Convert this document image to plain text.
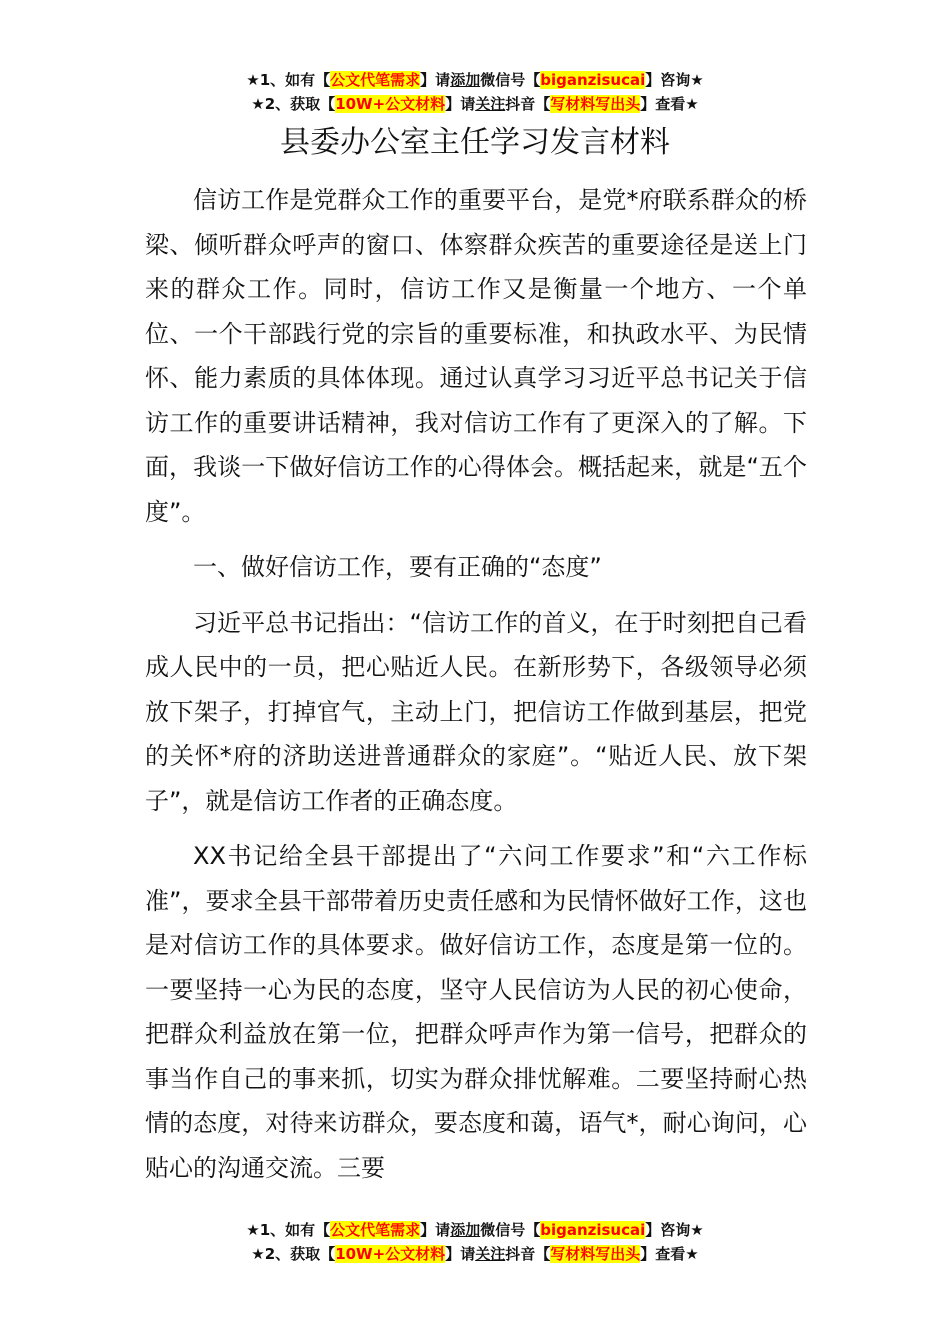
★1、如有【公文代笔需求】请添加微信号【biganzisucai】咨询★
★2、获取【10W+公文材料】请关注抖音【写材料写出头】查看★
县委办公室主任学习发言材料

信访工作是党群众工作的重要平台，是党*府联系群众的桥梁、倾听群众呼声的窗口、体察群众疾苦的重要途径是送上门来的群众工作。同时，信访工作又是衡量一个地方、一个单位、一个干部践行党的宗旨的重要标准，和执政水平、为民情怀、能力素质的具体体现。通过认真学习习近平总书记关于信访工作的重要讲话精神，我对信访工作有了更深入的了解。下面，我谈一下做好信访工作的心得体会。概括起来，就是“五个度”。

一、做好信访工作，要有正确的“态度”

习近平总书记指出：“信访工作的首义，在于时刻把自己看成人民中的一员，把心贴近人民。在新形势下，各级领导必须放下架子，打掉官气，主动上门，把信访工作做到基层，把党的关怀*府的济助送进普通群众的家庭”。“贴近人民、放下架子”，就是信访工作者的正确态度。

XX书记给全县干部提出了“六问工作要求”和“六工作标准”，要求全县干部带着历史责任感和为民情怀做好工作，这也是对信访工作的具体要求。做好信访工作，态度是第一位的。一要坚持一心为民的态度，坚守人民信访为人民的初心使命，把群众利益放在第一位，把群众呼声作为第一信号，把群众的事当作自己的事来抓，切实为群众排忧解难。二要坚持耐心热情的态度，对待来访群众，要态度和蔼，语气*，耐心询问，心贴心的沟通交流。三要

★1、如有【公文代笔需求】请添加微信号【biganzisucai】咨询★
★2、获取【10W+公文材料】请关注抖音【写材料写出头】查看★
